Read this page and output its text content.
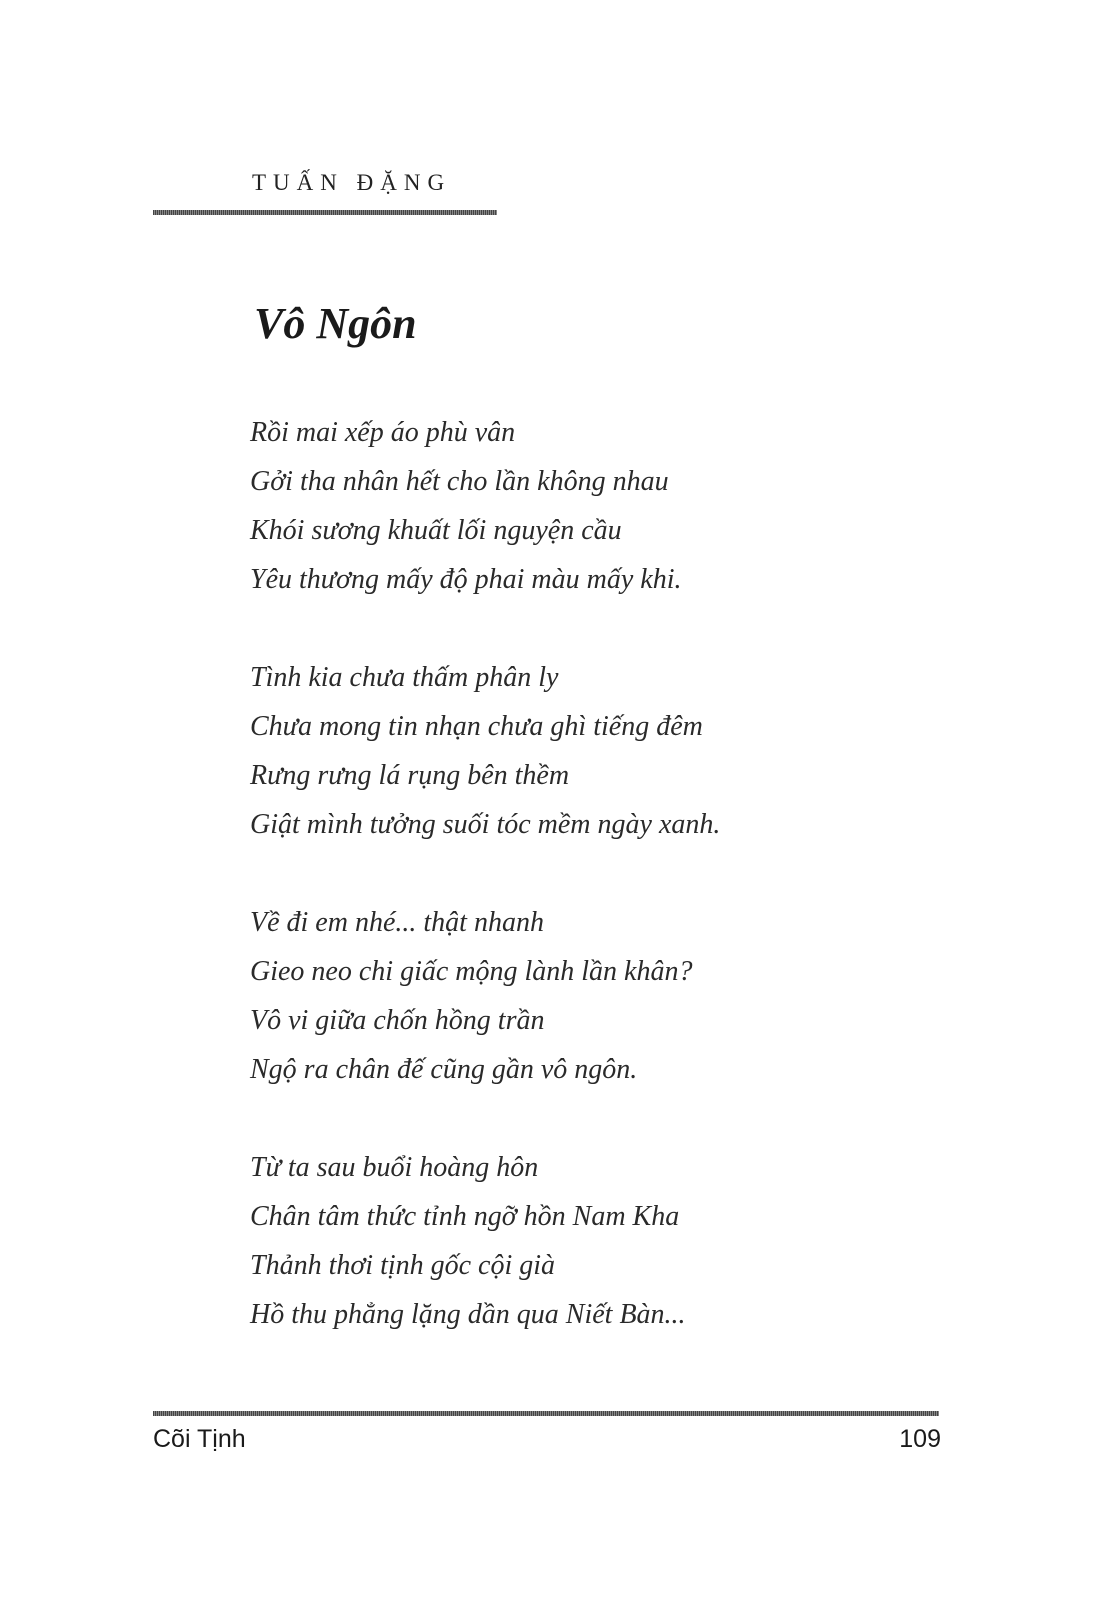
TUẤN ĐẶNG
Vô Ngôn
Rồi mai xếp áo phù vân
Gởi tha nhân hết cho lần không nhau
Khói sương khuất lối nguyện cầu
Yêu thương mấy độ phai màu mấy khi.
Tình kia chưa thấm phân ly
Chưa mong tin nhạn chưa ghì tiếng đêm
Rưng rưng lá rụng bên thềm
Giật mình tưởng suối tóc mềm ngày xanh.
Về đi em nhé... thật nhanh
Gieo neo chi giấc mộng lành lần khân?
Vô vi giữa chốn hồng trần
Ngộ ra chân đế cũng gần vô ngôn.
Từ ta sau buổi hoàng hôn
Chân tâm thức tỉnh ngỡ hồn Nam Kha
Thảnh thơi tịnh gốc cội già
Hồ thu phẳng lặng dần qua Niết Bàn...
Cõi Tịnh	109
